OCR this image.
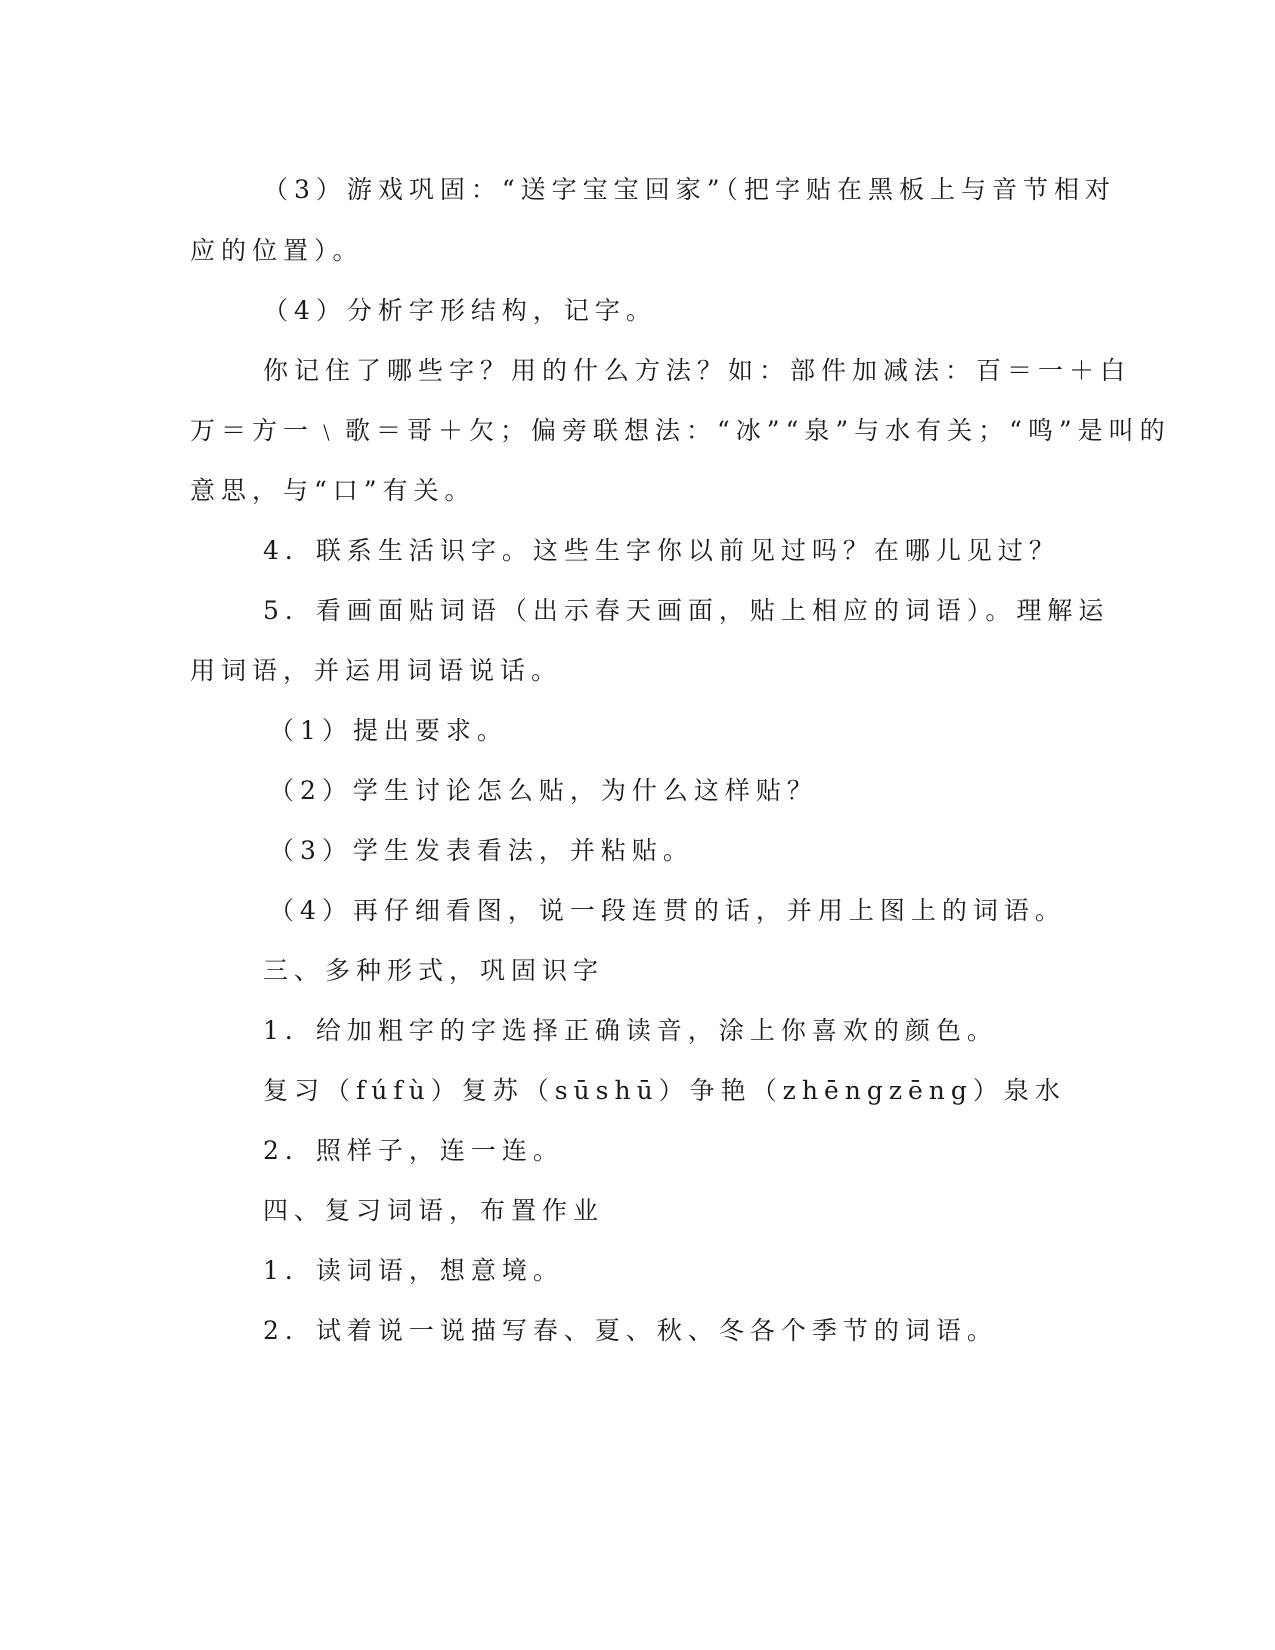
（3）游戏巩固：“送字宝宝回家”（把字贴在黑板上与音节相对
应的位置）。
（4）分析字形结构，记字。
你记住了哪些字？用的什么方法？如：部件加减法：百＝一＋白
万＝方一﹨歌＝哥＋欠；偏旁联想法：“冰”“泉”与水有关；“鸣”是叫的
意思，与“口”有关。
4．联系生活识字。这些生字你以前见过吗？在哪儿见过？
5．看画面贴词语（出示春天画面，贴上相应的词语）。理解运
用词语，并运用词语说话。
（1）提出要求。
（2）学生讨论怎么贴，为什么这样贴？
（3）学生发表看法，并粘贴。
（4）再仔细看图，说一段连贯的话，并用上图上的词语。
三、多种形式，巩固识字
1．给加粗字的字选择正确读音，涂上你喜欢的颜色。
复习（fúfù）复苏（sūshū）争艳（zhēngzēng）泉水
2．照样子，连一连。
四、复习词语，布置作业
1．读词语，想意境。
2．试着说一说描写春、夏、秋、冬各个季节的词语。
